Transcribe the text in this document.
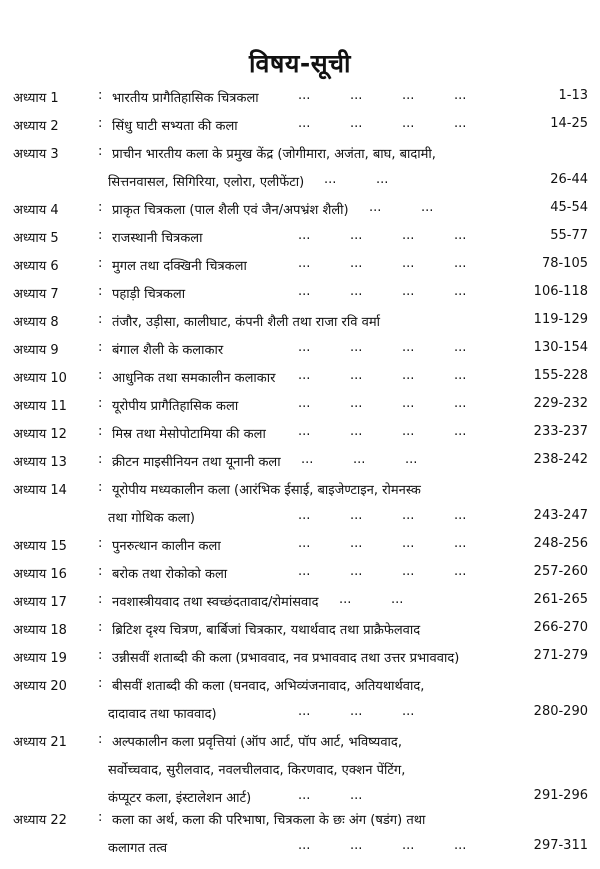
विषय-सूची
अध्याय 1	: भारतीय प्रागैतिहासिक चित्रकला	...	...	...	...	1-13
अध्याय 2	: सिंधु घाटी सभ्यता की कला	...	...	...	...	14-25
अध्याय 3	: प्राचीन भारतीय कला के प्रमुख केंद्र (जोगीमारा, अजंता, बाघ, बादामी,
सित्तनवासल, सिगिरिया, एलोरा, एलीफेंटा) ...	...	26-44
अध्याय 4	: प्राकृत चित्रकला (पाल शैली एवं जैन/अपभ्रंश शैली) ...	...	45-54
अध्याय 5	: राजस्थानी चित्रकला	...	...	...	...	55-77
अध्याय 6	: मुगल तथा दक्खिनी चित्रकला	...	...	...	...	78-105
अध्याय 7	: पहाड़ी चित्रकला	...	...	...	...	106-118
अध्याय 8	: तंजौर, उड़ीसा, कालीघाट, कंपनी शैली तथा राजा रवि वर्मा	119-129
अध्याय 9	: बंगाल शैली के कलाकार	...	...	...	...	130-154
अध्याय 10 : आधुनिक तथा समकालीन कलाकार ...	...	...	...	155-228
अध्याय 11 : यूरोपीय प्रागैतिहासिक कला	...	...	...	...	229-232
अध्याय 12 : मिस्र तथा मेसोपोटामिया की कला ...	...	...	...	233-237
अध्याय 13 : क्रीटन माइसीनियन तथा यूनानी कला ...	...	...	238-242
अध्याय 14 : यूरोपीय मध्यकालीन कला (आरंभिक ईसाई, बाइजेण्टाइन, रोमनस्क
तथा गोथिक कला)	...	...	...	...	243-247
अध्याय 15 : पुनरुत्थान कालीन कला	...	...	...	...	248-256
अध्याय 16 : बरोक तथा रोकोको कला	...	...	...	...	257-260
अध्याय 17 : नवशास्त्रीयवाद तथा स्वच्छंदतावाद/रोमांसवाद ...	...	261-265
अध्याय 18 : ब्रिटिश दृश्य चित्रण, बार्बिजां चित्रकार, यथार्थवाद तथा प्राक्रैफेलवाद	266-270
अध्याय 19 : उन्नीसवीं शताब्दी की कला (प्रभाववाद, नव प्रभाववाद तथा उत्तर प्रभाववाद)	271-279
अध्याय 20 : बीसवीं शताब्दी की कला (घनवाद, अभिव्यंजनावाद, अतियथार्थवाद,
दादावाद तथा फाववाद)	...	...	...	280-290
अध्याय 21 : अल्पकालीन कला प्रवृत्तियां (ऑप आर्ट, पॉप आर्ट, भविष्यवाद,
सर्वोच्चवाद, सुरीलवाद, नवलचीलवाद, किरणवाद, एक्शन पेंटिंग,
कंप्यूटर कला, इंस्टालेशन आर्ट)	...	...	291-296
अध्याय 22 : कला का अर्थ, कला की परिभाषा, चित्रकला के छः अंग (षडंग) तथा
कलागत तत्व	...	...	...	...	297-311
